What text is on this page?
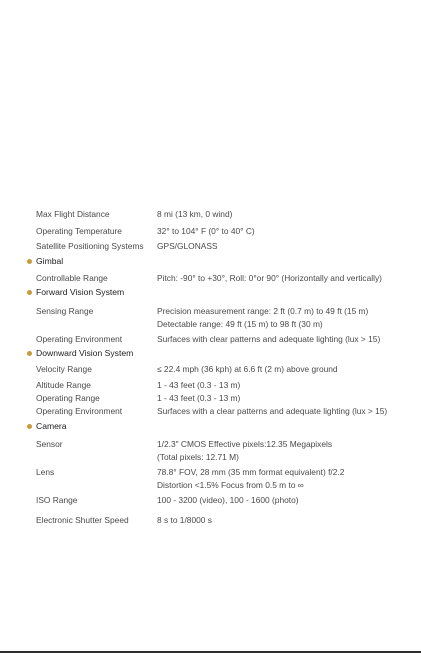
Max Flight Distance	8 mi (13 km, 0 wind)
Operating Temperature	32° to 104° F (0° to 40° C)
Satellite Positioning Systems GPS/GLONASS
Gimbal
Controllable Range	Pitch: -90° to +30°, Roll: 0°or 90° (Horizontally and vertically)
Forward Vision System
Sensing Range	Precision measurement range: 2 ft (0.7 m) to 49 ft (15 m)
Detectable range: 49 ft (15 m) to 98 ft (30 m)
Operating Environment	Surfaces with clear patterns and adequate lighting (lux > 15)
Downward Vision System
Velocity Range	≤ 22.4 mph (36 kph) at 6.6 ft (2 m) above ground
Altitude Range	1 - 43 feet (0.3 - 13 m)
Operating Range	1 - 43 feet (0.3 - 13 m)
Operating Environment	Surfaces with a clear patterns and adequate lighting (lux > 15)
Camera
Sensor	1/2.3" CMOS Effective pixels:12.35 Megapixels
(Total pixels: 12.71 M)
Lens	78.8° FOV, 28 mm (35 mm format equivalent) f/2.2
Distortion <1.5% Focus from 0.5 m to ∞
ISO Range	100 - 3200 (video), 100 - 1600 (photo)
Electronic Shutter Speed	8 s to 1/8000 s
